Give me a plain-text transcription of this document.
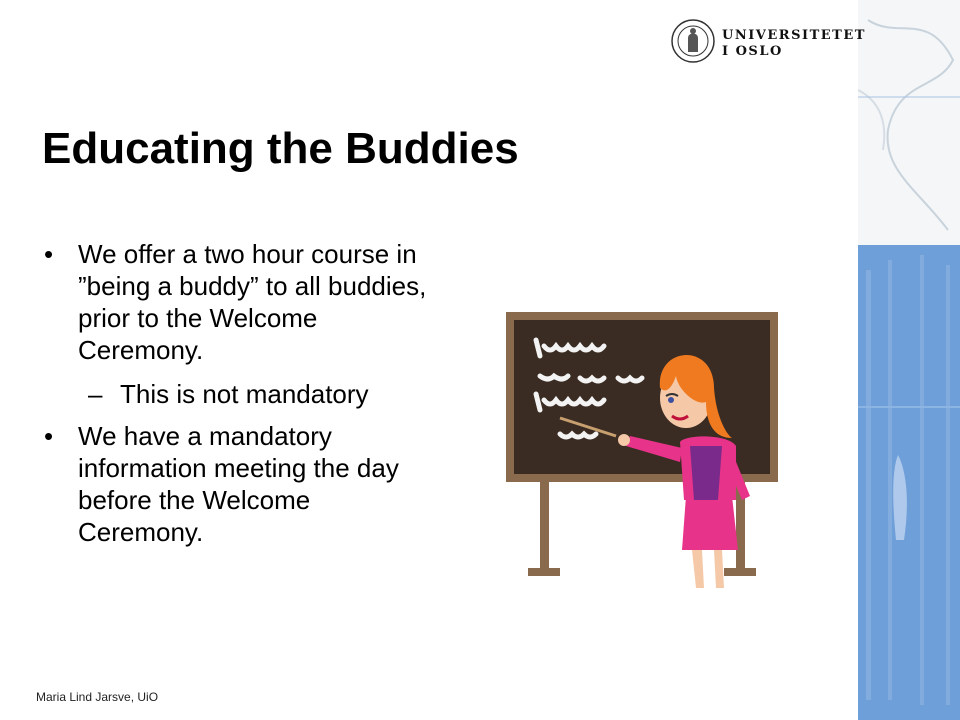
UNIVERSITETET
I OSLO
Educating the Buddies
• We offer a two hour course in ”being a buddy” to all buddies, prior to the Welcome Ceremony.
– This is not mandatory
• We have a mandatory information meeting the day before the Welcome Ceremony.
Maria Lind Jarsve, UiO
